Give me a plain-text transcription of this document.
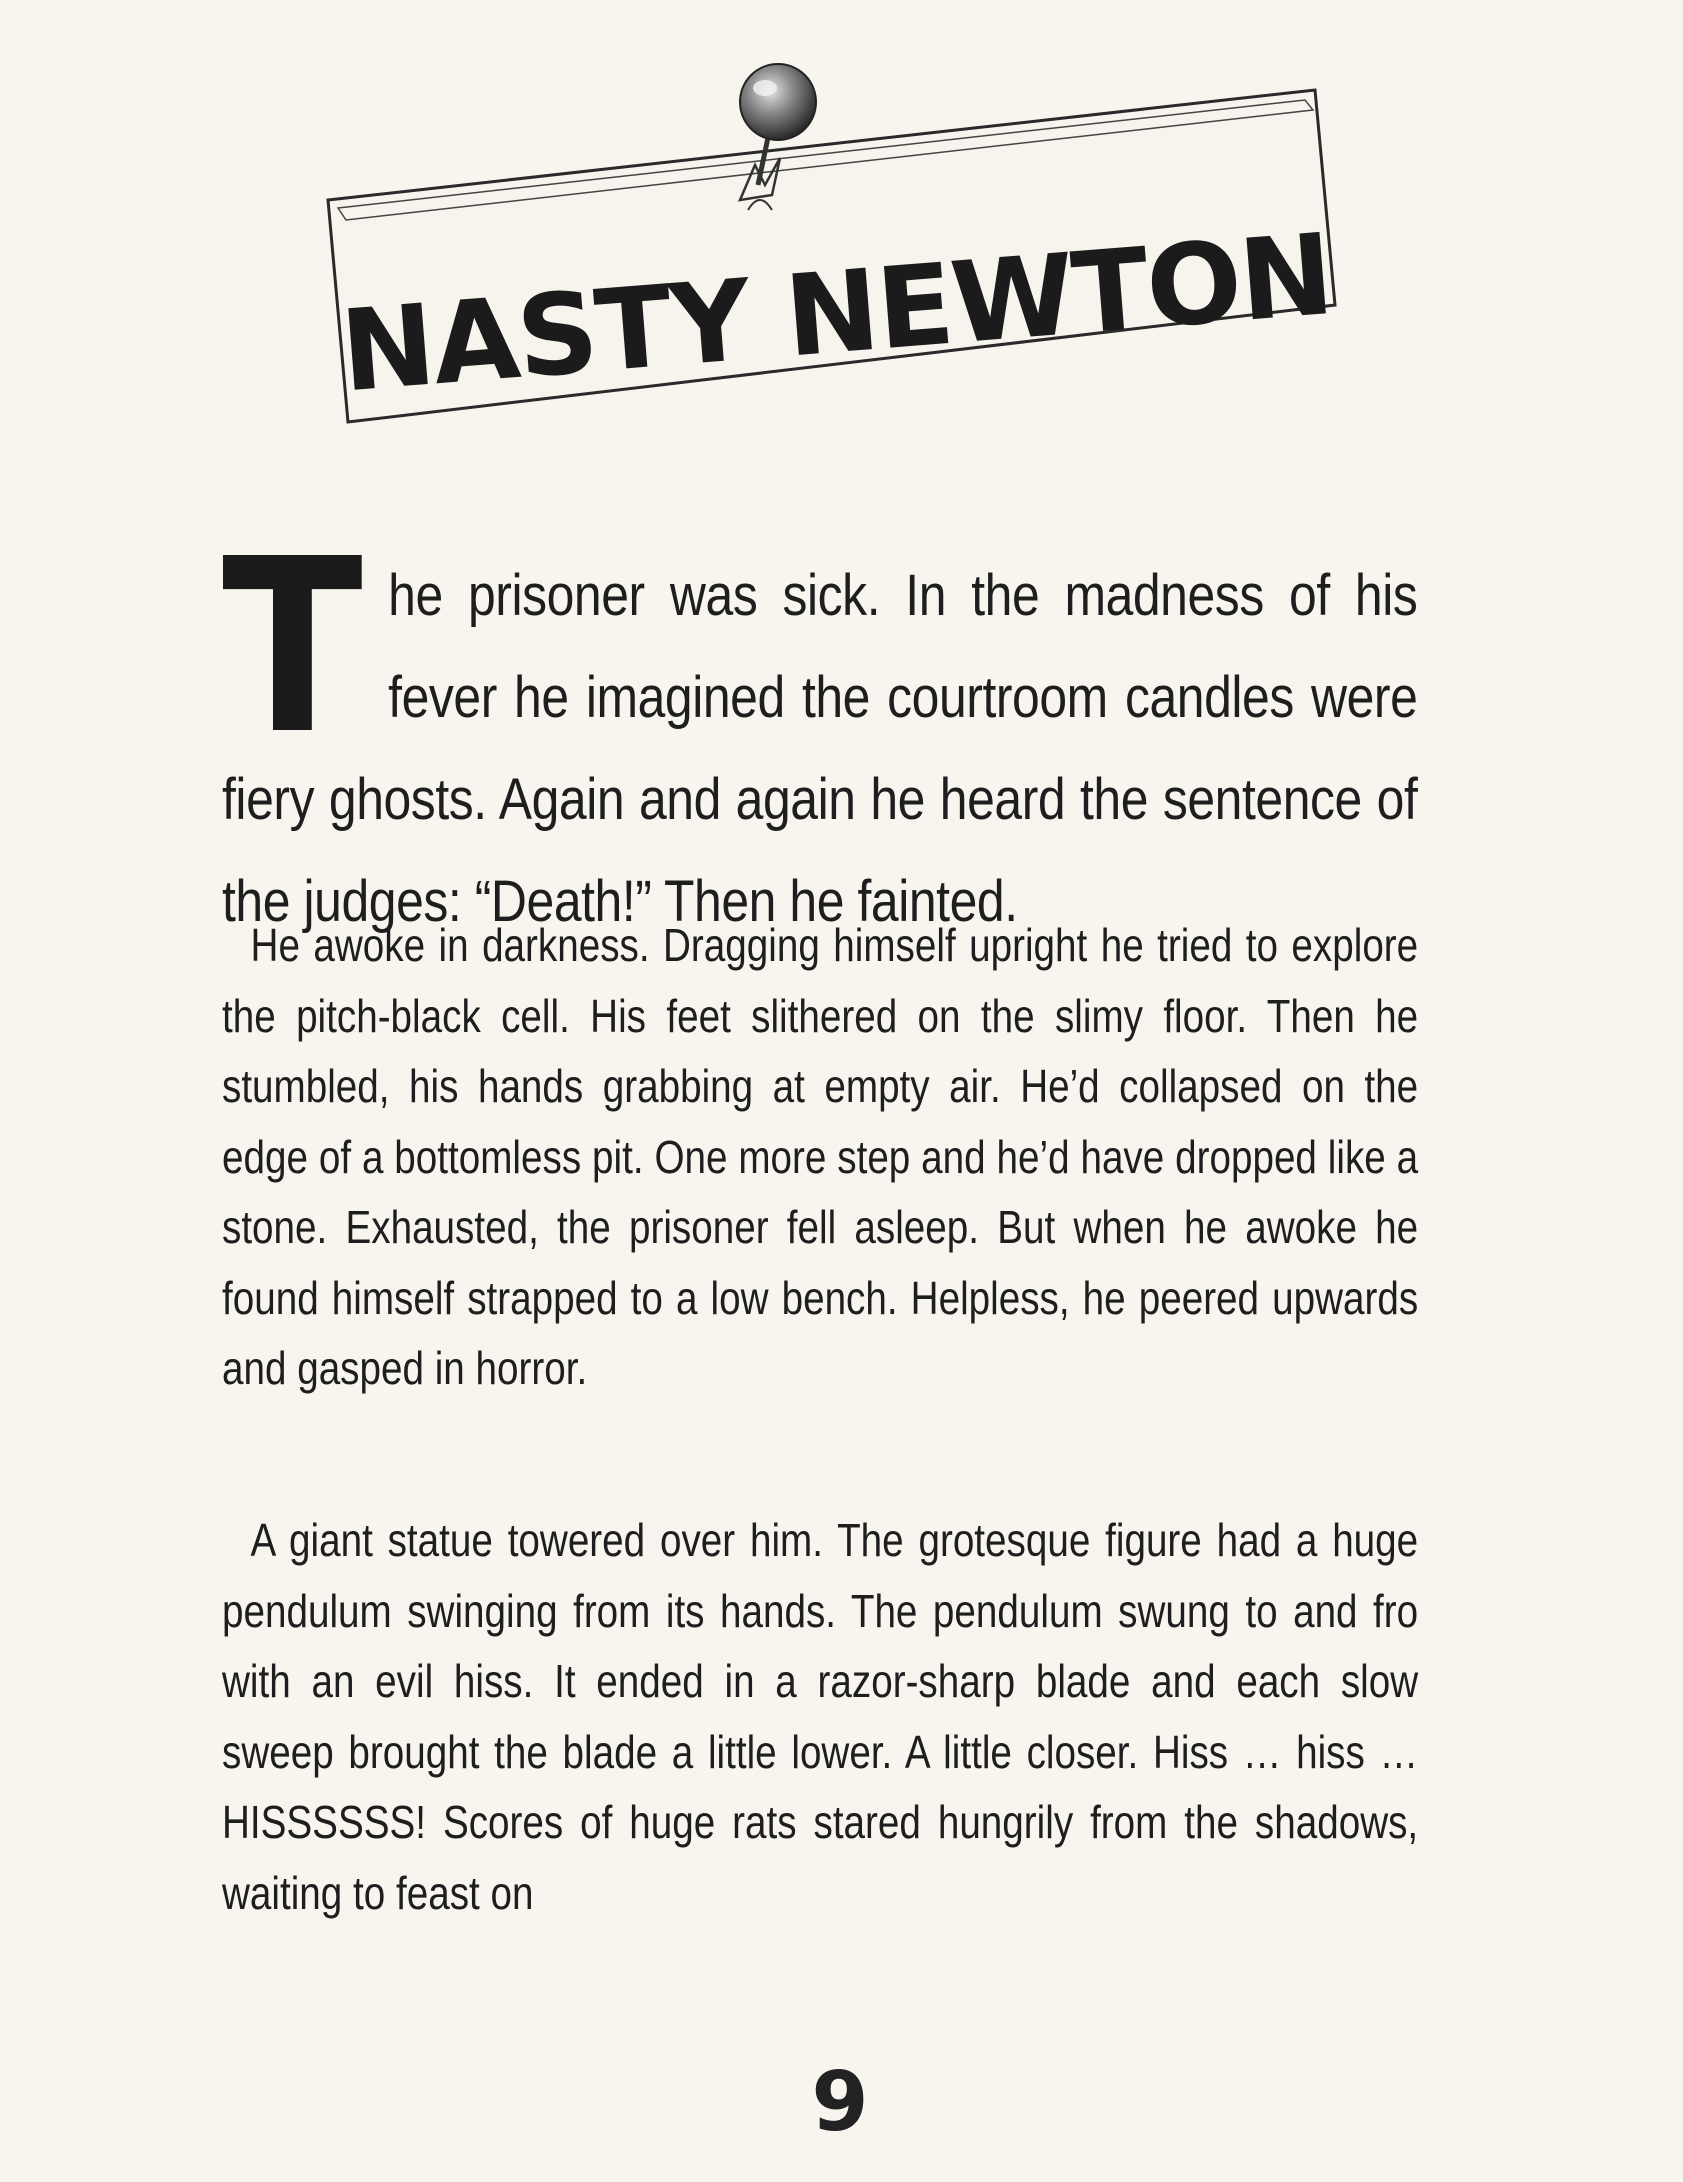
NASTY NEWTON

The prisoner was sick. In the madness of his fever he imagined the courtroom candles were fiery ghosts. Again and again he heard the sentence of the judges: “Death!” Then he fainted.

He awoke in darkness. Dragging himself upright he tried to explore the pitch-black cell. His feet slithered on the slimy floor. Then he stumbled, his hands grabbing at empty air. He’d collapsed on the edge of a bottomless pit. One more step and he’d have dropped like a stone. Exhausted, the prisoner fell asleep. But when he awoke he found himself strapped to a low bench. Helpless, he peered upwards and gasped in horror.

A giant statue towered over him. The grotesque figure had a huge pendulum swinging from its hands. The pendulum swung to and fro with an evil hiss. It ended in a razor-sharp blade and each slow sweep brought the blade a little lower. A little closer. Hiss … hiss … HISSSSSS! Scores of huge rats stared hungrily from the shadows, waiting to feast on

9
